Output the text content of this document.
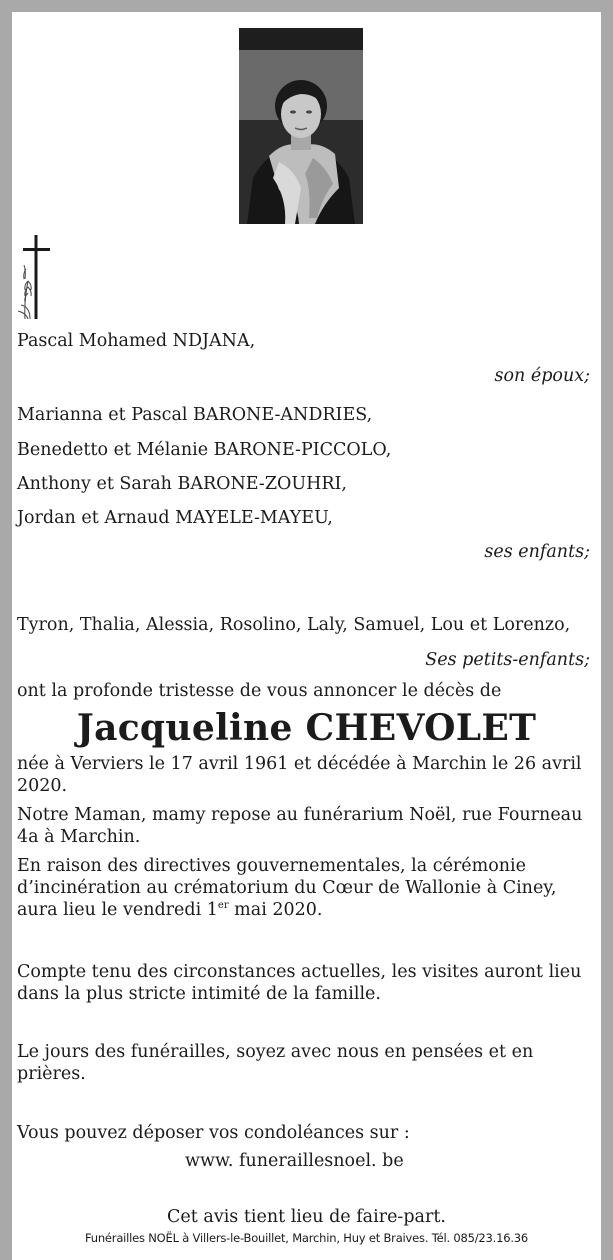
Pascal Mohamed NDJANA,
son époux;
Marianna et Pascal BARONE-ANDRIES,
Benedetto et Mélanie BARONE-PICCOLO,
Anthony et Sarah BARONE-ZOUHRI,
Jordan et Arnaud MAYELE-MAYEU,
ses enfants;
Tyron, Thalia, Alessia, Rosolino, Laly, Samuel, Lou et Lorenzo,
Ses petits-enfants;
ont la profonde tristesse de vous annoncer le décès de
Jacqueline CHEVOLET
née à Verviers le 17 avril 1961 et décédée à Marchin le 26 avril 2020.
Notre Maman, mamy repose au funérarium Noël, rue Fourneau 4a à Marchin.
En raison des directives gouvernementales, la cérémonie d’incinération au crématorium du Cœur de Wallonie à Ciney, aura lieu le vendredi 1er mai 2020.
Compte tenu des circonstances actuelles, les visites auront lieu dans la plus stricte intimité de la famille.
Le jours des funérailles, soyez avec nous en pensées et en prières.
Vous pouvez déposer vos condoléances sur :
www. funeraillesnoel. be
Cet avis tient lieu de faire-part.
Funérailles NOËL à Villers-le-Bouillet, Marchin, Huy et Braives. Tél. 085/23.16.36
